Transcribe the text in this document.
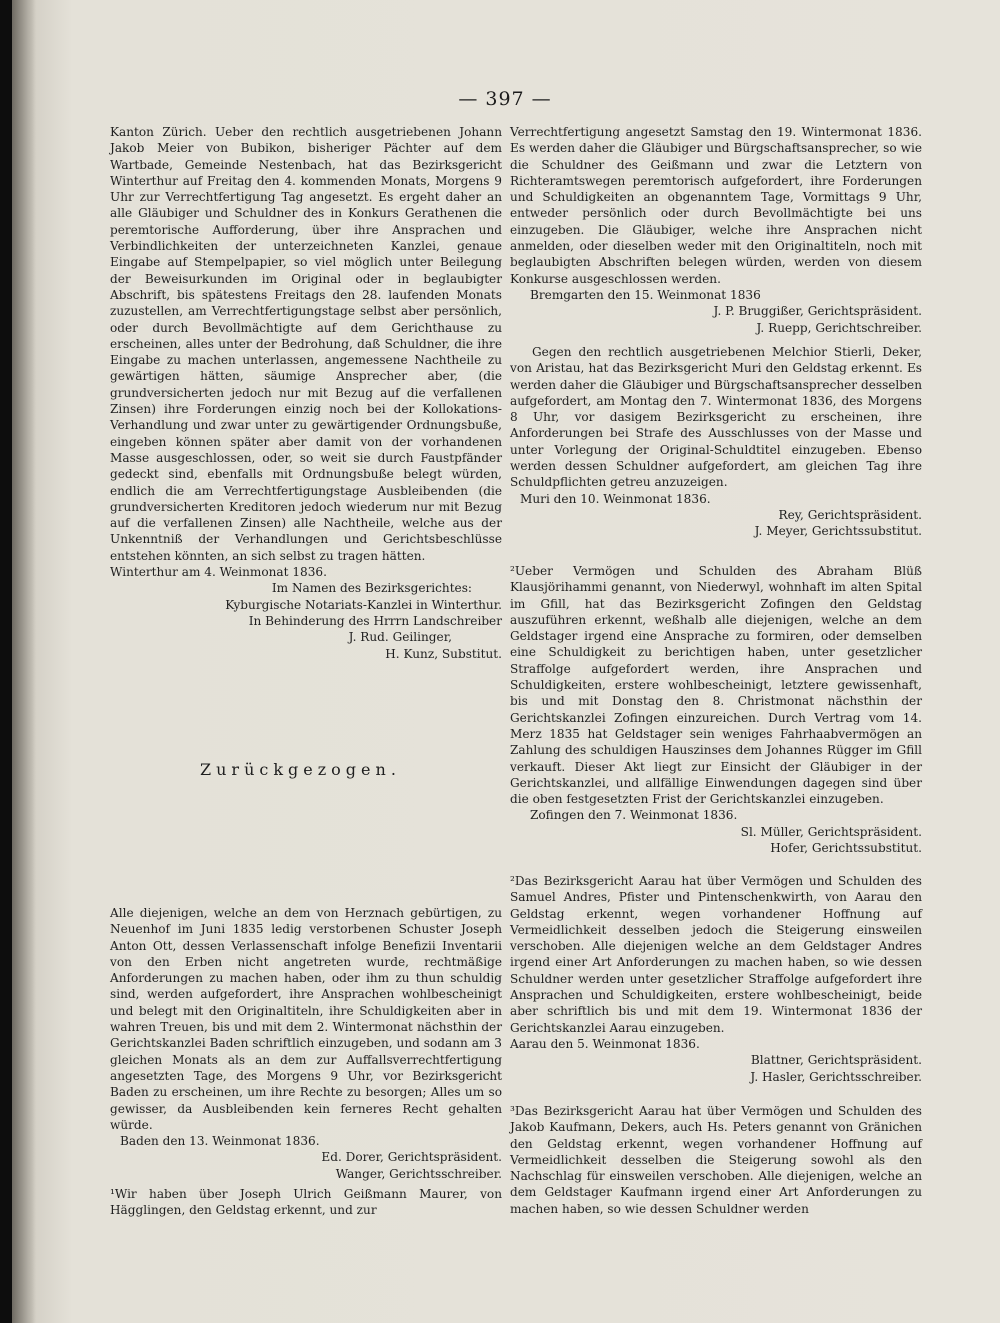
— 397 —

Kanton Zürich. Ueber den rechtlich ausgetriebenen Johann Jakob Meier von Bubikon, bisheriger Pächter auf dem Wartbade, Gemeinde Nestenbach, hat das Bezirksgericht Winterthur auf Freitag den 4. kommenden Monats, Morgens 9 Uhr zur Verrechtfertigung Tag angesetzt. Es ergeht daher an alle Gläubiger und Schuldner des in Konkurs Gerathenen die peremtorische Aufforderung, über ihre Ansprachen und Verbindlichkeiten der unterzeichneten Kanzlei, genaue Eingabe auf Stempelpapier, so viel möglich unter Beilegung der Beweisurkunden im Original oder in beglaubigter Abschrift, bis spätestens Freitags den 28. laufenden Monats zuzustellen, am Verrechtfertigungstage selbst aber persönlich, oder durch Bevollmächtigte auf dem Gerichthause zu erscheinen, alles unter der Bedrohung, daß Schuldner, die ihre Eingabe zu machen unterlassen, angemessene Nachtheile zu gewärtigen hätten, säumige Ansprecher aber, (die grundversicherten jedoch nur mit Bezug auf die verfallenen Zinsen) ihre Forderungen einzig noch bei der Kollokations-Verhandlung und zwar unter zu gewärtigender Ordnungsbuße, eingeben können später aber damit von der vorhandenen Masse ausgeschlossen, oder, so weit sie durch Faustpfänder gedeckt sind, ebenfalls mit Ordnungsbuße belegt würden, endlich die am Verrechtfertigungstage Ausbleibenden (die grundversicherten Kreditoren jedoch wiederum nur mit Bezug auf die verfallenen Zinsen) alle Nachtheile, welche aus der Unkenntniß der Verhandlungen und Gerichtsbeschlüsse entstehen könnten, an sich selbst zu tragen hätten.

Winterthur am 4. Weinmonat 1836.

Im Namen des Bezirksgerichtes:

Kyburgische Notariats-Kanzlei in Winterthur.

In Behinderung des Hrrrn Landschreiber

J. Rud. Geilinger,

H. Kunz, Substitut.

Zurückgezogen.

Alle diejenigen, welche an dem von Herznach gebürtigen, zu Neuenhof im Juni 1835 ledig verstorbenen Schuster Joseph Anton Ott, dessen Verlassenschaft infolge Benefizii Inventarii von den Erben nicht angetreten wurde, rechtmäßige Anforderungen zu machen haben, oder ihm zu thun schuldig sind, werden aufgefordert, ihre Ansprachen wohlbescheinigt und belegt mit den Originaltiteln, ihre Schuldigkeiten aber in wahren Treuen, bis und mit dem 2. Wintermonat nächsthin der Gerichtskanzlei Baden schriftlich einzugeben, und sodann am 3 gleichen Monats als an dem zur Auffallsverrechtfertigung angesetzten Tage, des Morgens 9 Uhr, vor Bezirksgericht Baden zu erscheinen, um ihre Rechte zu besorgen; Alles um so gewisser, da Ausbleibenden kein ferneres Recht gehalten würde.

Baden den 13. Weinmonat 1836.

Ed. Dorer, Gerichtspräsident.

Wanger, Gerichtsschreiber.

¹Wir haben über Joseph Ulrich Geißmann Maurer, von Hägglingen, den Geldstag erkennt, und zur

Verrechtfertigung angesetzt Samstag den 19. Wintermonat 1836. Es werden daher die Gläubiger und Bürgschaftsansprecher, so wie die Schuldner des Geißmann und zwar die Letztern von Richteramtswegen peremtorisch aufgefordert, ihre Forderungen und Schuldigkeiten an obgenanntem Tage, Vormittags 9 Uhr, entweder persönlich oder durch Bevollmächtigte bei uns einzugeben. Die Gläubiger, welche ihre Ansprachen nicht anmelden, oder dieselben weder mit den Originaltiteln, noch mit beglaubigten Abschriften belegen würden, werden von diesem Konkurse ausgeschlossen werden.

Bremgarten den 15. Weinmonat 1836

J. P. Bruggißer, Gerichtspräsident.

J. Ruepp, Gerichtschreiber.

Gegen den rechtlich ausgetriebenen Melchior Stierli, Deker, von Aristau, hat das Bezirksgericht Muri den Geldstag erkennt. Es werden daher die Gläubiger und Bürgschaftsansprecher desselben aufgefordert, am Montag den 7. Wintermonat 1836, des Morgens 8 Uhr, vor dasigem Bezirksgericht zu erscheinen, ihre Anforderungen bei Strafe des Ausschlusses von der Masse und unter Vorlegung der Original-Schuldtitel einzugeben. Ebenso werden dessen Schuldner aufgefordert, am gleichen Tag ihre Schuldpflichten getreu anzuzeigen.

Muri den 10. Weinmonat 1836.

Rey, Gerichtspräsident.

J. Meyer, Gerichtssubstitut.

²Ueber Vermögen und Schulden des Abraham Blüß Klausjörihammi genannt, von Niederwyl, wohnhaft im alten Spital im Gfill, hat das Bezirksgericht Zofingen den Geldstag auszuführen erkennt, weßhalb alle diejenigen, welche an dem Geldstager irgend eine Ansprache zu formiren, oder demselben eine Schuldigkeit zu berichtigen haben, unter gesetzlicher Straffolge aufgefordert werden, ihre Ansprachen und Schuldigkeiten, erstere wohlbescheinigt, letztere gewissenhaft, bis und mit Donstag den 8. Christmonat nächsthin der Gerichtskanzlei Zofingen einzureichen. Durch Vertrag vom 14. Merz 1835 hat Geldstager sein weniges Fahrhaabvermögen an Zahlung des schuldigen Hauszinses dem Johannes Rügger im Gfill verkauft. Dieser Akt liegt zur Einsicht der Gläubiger in der Gerichtskanzlei, und allfällige Einwendungen dagegen sind über die oben festgesetzten Frist der Gerichtskanzlei einzugeben.

Zofingen den 7. Weinmonat 1836.

Sl. Müller, Gerichtspräsident.

Hofer, Gerichtssubstitut.

²Das Bezirksgericht Aarau hat über Vermögen und Schulden des Samuel Andres, Pfister und Pintenschenkwirth, von Aarau den Geldstag erkennt, wegen vorhandener Hoffnung auf Vermeidlichkeit desselben jedoch die Steigerung einsweilen verschoben. Alle diejenigen welche an dem Geldstager Andres irgend einer Art Anforderungen zu machen haben, so wie dessen Schuldner werden unter gesetzlicher Straffolge aufgefordert ihre Ansprachen und Schuldigkeiten, erstere wohlbescheinigt, beide aber schriftlich bis und mit dem 19. Wintermonat 1836 der Gerichtskanzlei Aarau einzugeben.

Aarau den 5. Weinmonat 1836.

Blattner, Gerichtspräsident.

J. Hasler, Gerichtsschreiber.

³Das Bezirksgericht Aarau hat über Vermögen und Schulden des Jakob Kaufmann, Dekers, auch Hs. Peters genannt von Gränichen den Geldstag erkennt, wegen vorhandener Hoffnung auf Vermeidlichkeit desselben die Steigerung sowohl als den Nachschlag für einsweilen verschoben. Alle diejenigen, welche an dem Geldstager Kaufmann irgend einer Art Anforderungen zu machen haben, so wie dessen Schuldner werden
